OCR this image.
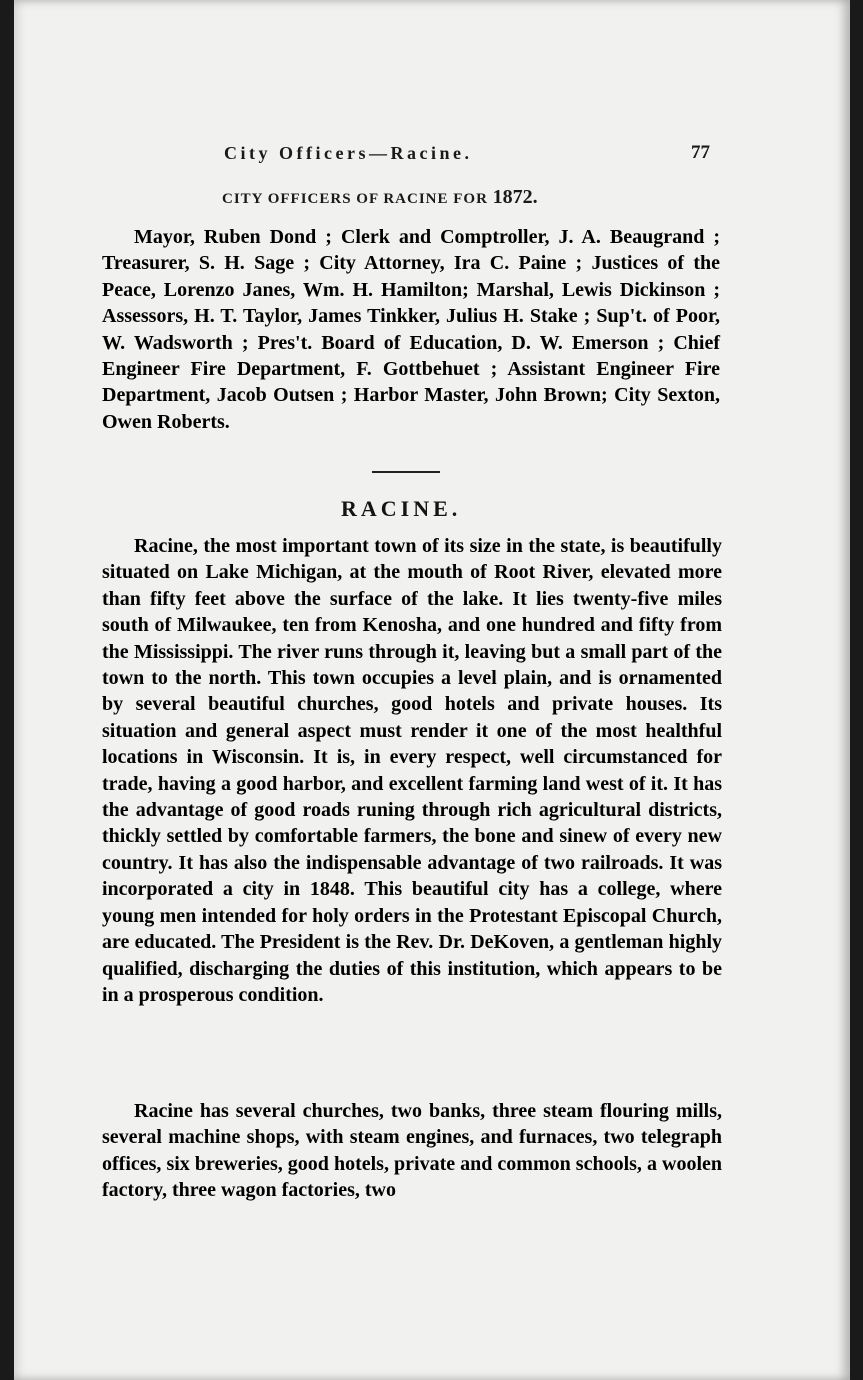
City Officers—Racine.	77
CITY OFFICERS OF RACINE FOR 1872.

Mayor, Ruben Dond ; Clerk and Comptroller, J. A. Beaugrand ; Treasurer, S. H. Sage ; City Attorney, Ira C. Paine ; Justices of the Peace, Lorenzo Janes, Wm. H. Hamilton; Marshal, Lewis Dickinson ; Assessors, H. T. Taylor, James Tinkker, Julius H. Stake ; Sup't. of Poor, W. Wadsworth ; Pres't. Board of Education, D. W. Emerson ; Chief Engineer Fire Department, F. Gottbehuet ; Assistant Engineer Fire Department, Jacob Outsen ; Harbor Master, John Brown; City Sexton, Owen Roberts.

RACINE.

Racine, the most important town of its size in the state, is beautifully situated on Lake Michigan, at the mouth of Root River, elevated more than fifty feet above the surface of the lake. It lies twenty-five miles south of Milwaukee, ten from Kenosha, and one hundred and fifty from the Mississippi. The river runs through it, leaving but a small part of the town to the north. This town occupies a level plain, and is ornamented by several beautiful churches, good hotels and private houses. Its situation and general aspect must render it one of the most healthful locations in Wisconsin. It is, in every respect, well circumstanced for trade, having a good harbor, and excellent farming land west of it. It has the advantage of good roads runing through rich agricultural districts, thickly settled by comfortable farmers, the bone and sinew of every new country. It has also the indispensable advantage of two railroads. It was incorporated a city in 1848. This beautiful city has a college, where young men intended for holy orders in the Protestant Episcopal Church, are educated. The President is the Rev. Dr. DeKoven, a gentleman highly qualified, discharging the duties of this institution, which appears to be in a prosperous condition.

Racine has several churches, two banks, three steam flouring mills, several machine shops, with steam engines, and furnaces, two telegraph offices, six breweries, good hotels, private and common schools, a woolen factory, three wagon factories, two
